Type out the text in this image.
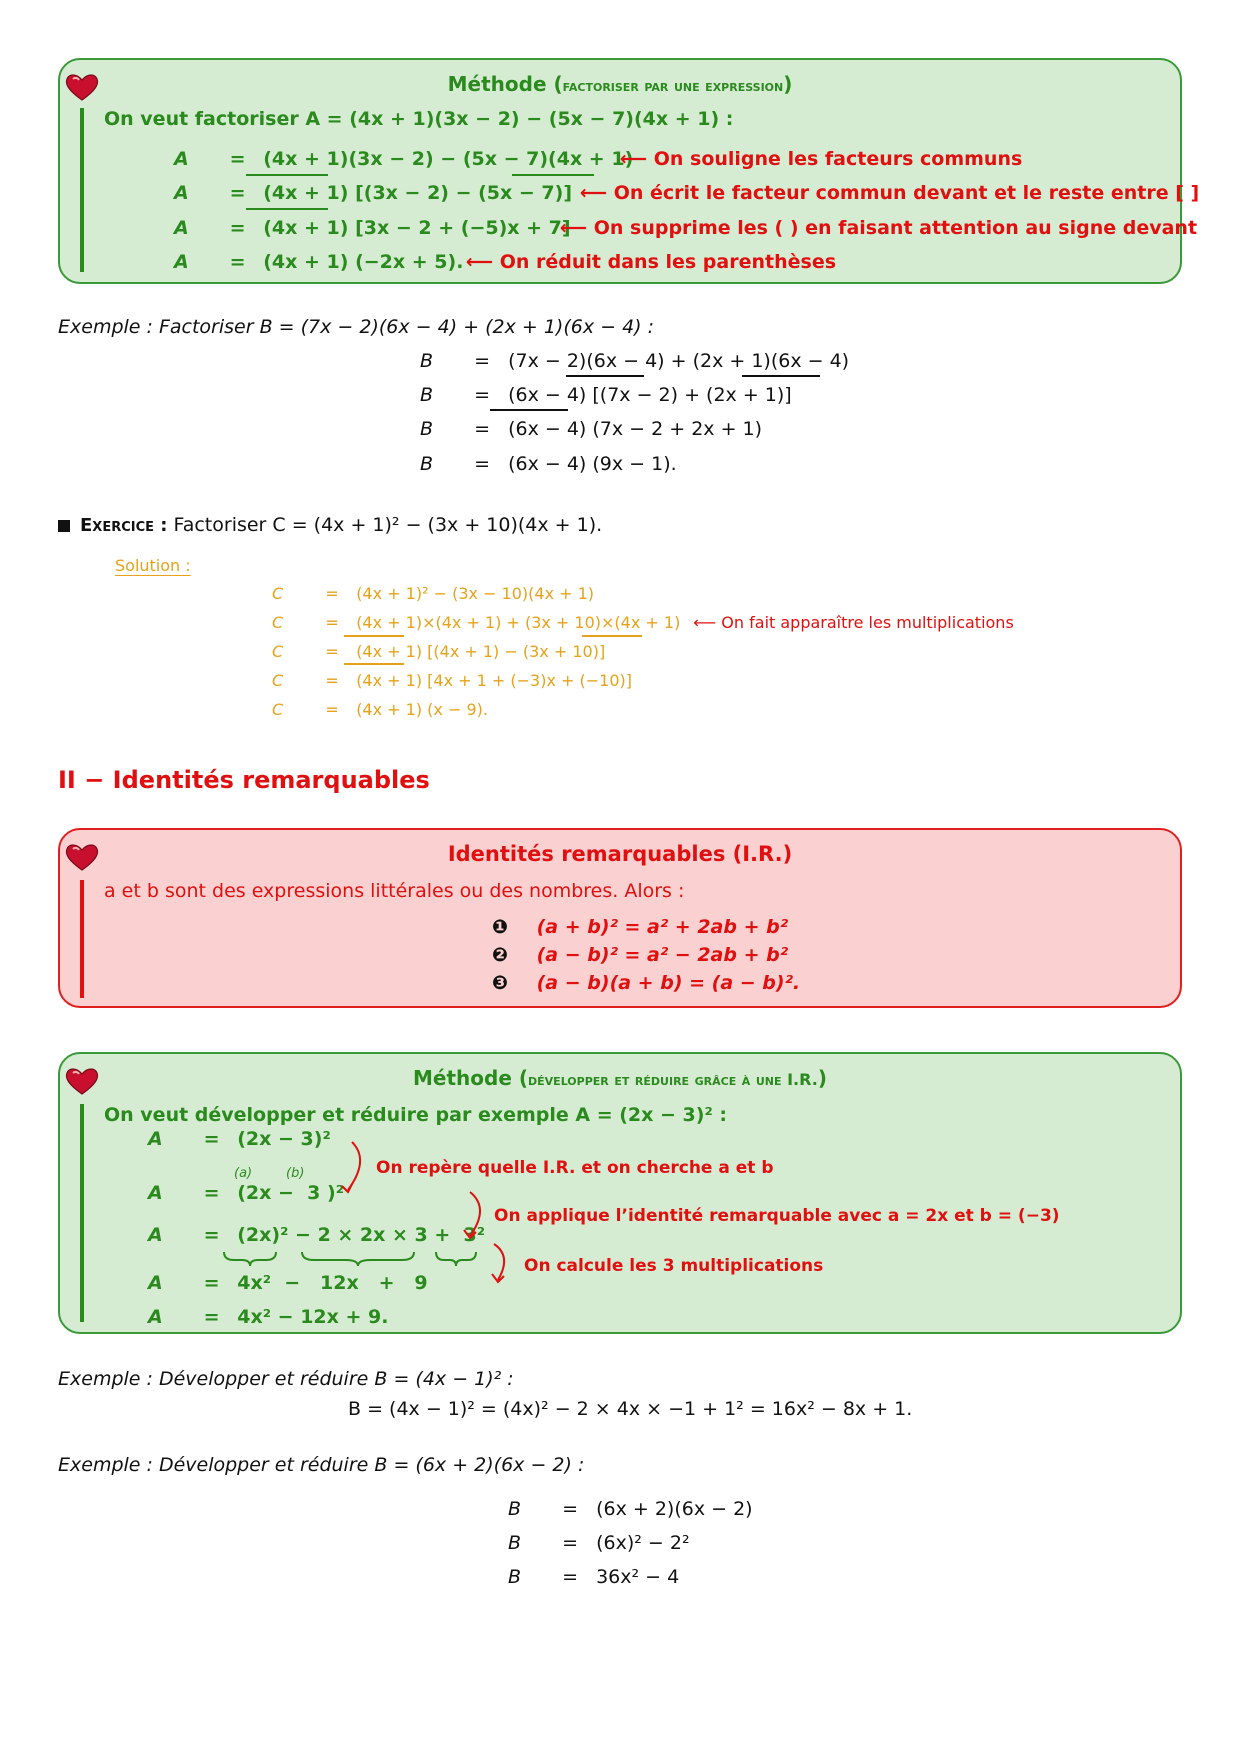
Méthode (factoriser par une expression)
On veut factoriser A = (4x + 1)(3x − 2) − (5x − 7)(4x + 1) :
A = (4x + 1)(3x − 2) − (5x − 7)(4x + 1) ⟵ On souligne les facteurs communs
A = (4x + 1) [(3x − 2) − (5x − 7)] ⟵ On écrit le facteur commun devant et le reste entre [ ]
A = (4x + 1) [3x − 2 + (−5)x + 7] ⟵ On supprime les ( ) en faisant attention au signe devant
A = (4x + 1) (−2x + 5). ⟵ On réduit dans les parenthèses
Exemple : Factoriser B = (7x − 2)(6x − 4) + (2x + 1)(6x − 4) :
B = (7x − 2)(6x − 4) + (2x + 1)(6x − 4)
B = (6x − 4) [(7x − 2) + (2x + 1)]
B = (6x − 4) (7x − 2 + 2x + 1)
B = (6x − 4) (9x − 1).
Exercice : Factoriser C = (4x + 1)² − (3x + 10)(4x + 1).
Solution :
C	= (4x + 1)² − (3x − 10)(4x + 1)
C	= (4x + 1)×(4x + 1) + (3x + 10)×(4x + 1) ⟵ On fait apparaître les multiplications
C	= (4x + 1) [(4x + 1) − (3x + 10)]
C	= (4x + 1) [4x + 1 + (−3)x + (−10)]
C	= (4x + 1) (x − 9).
II − Identités remarquables
Identités remarquables (I.R.)
a et b sont des expressions littérales ou des nombres. Alors :
❶ (a + b)² = a² + 2ab + b²
❷ (a − b)² = a² − 2ab + b²
❸ (a − b)(a + b) = (a − b)².
Méthode (développer et réduire grâce à une I.R.)
On veut développer et réduire par exemple A = (2x − 3)² :
A = (2x − 3)²
(a)	(b)
A = (2x −  3 )²
A = (2x)² − 2 × 2x × 3 +  3²
A = 4x²  −   12x   +   9
A = 4x² − 12x + 9.
On repère quelle I.R. et on cherche a et b
On applique l’identité remarquable avec a = 2x et b = (−3)
On calcule les 3 multiplications
Exemple : Développer et réduire B = (4x − 1)² :
B = (4x − 1)² = (4x)² − 2 × 4x × −1 + 1² = 16x² − 8x + 1.
Exemple : Développer et réduire B = (6x + 2)(6x − 2) :
B = (6x + 2)(6x − 2)
B = (6x)² − 2²
B = 36x² − 4
